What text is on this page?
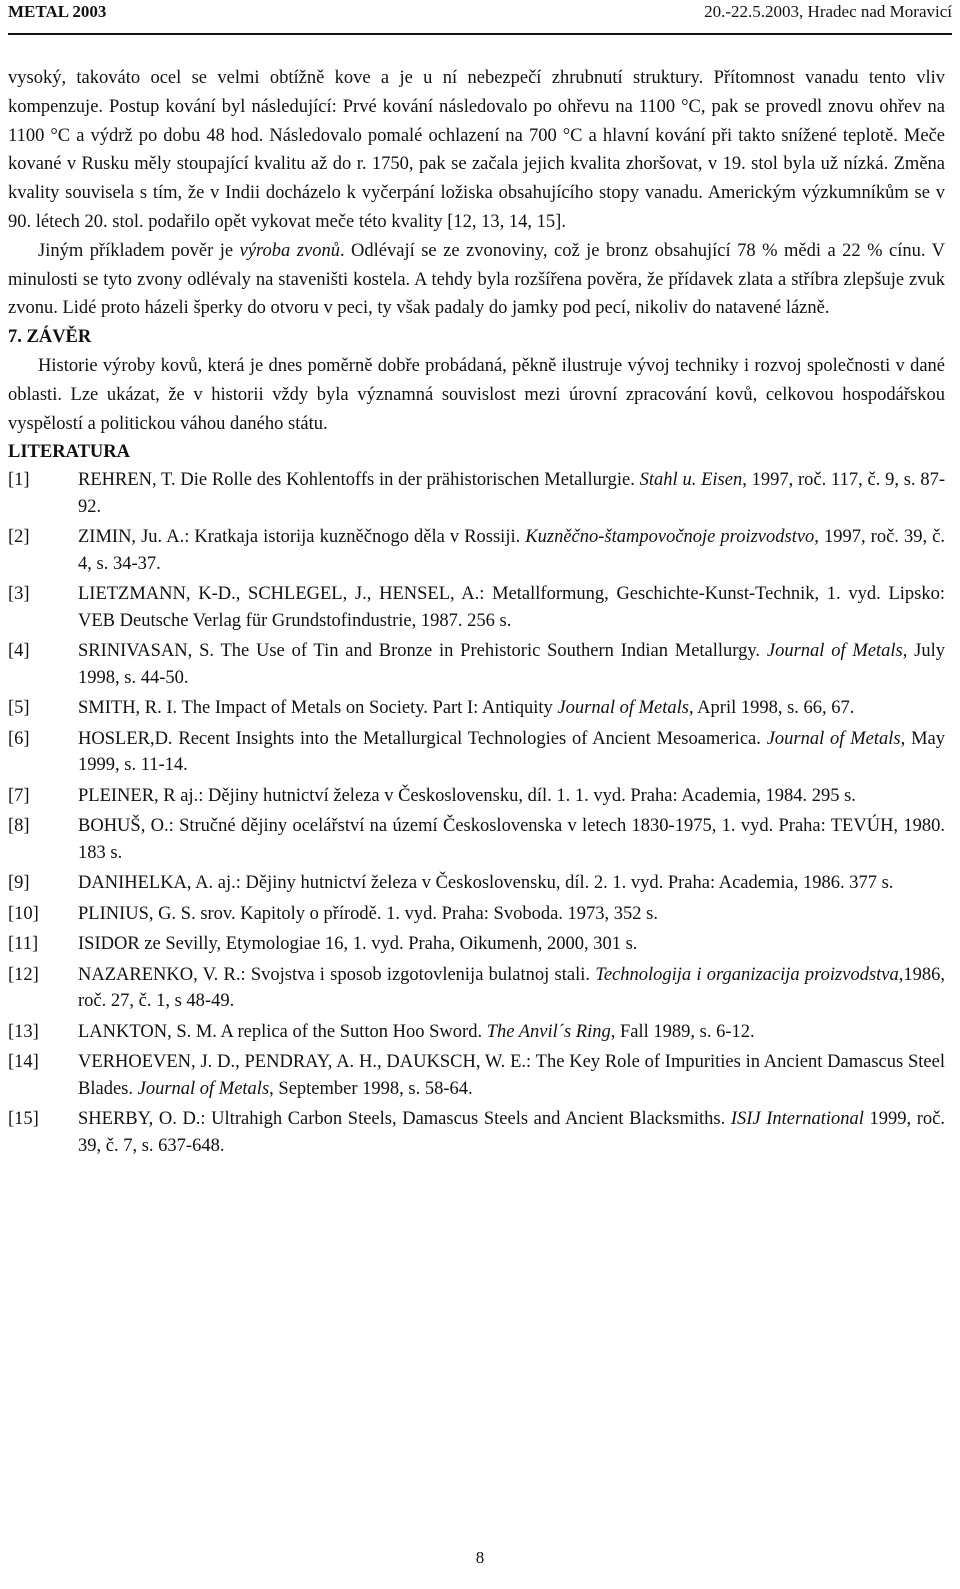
METAL 2003	20.-22.5.2003, Hradec nad Moravicí

vysoký, takováto ocel se velmi obtížně kove a je u ní nebezpečí zhrubnutí struktury. Přítomnost vanadu tento vliv kompenzuje. Postup kování byl následující: Prvé kování následovalo po ohřevu na 1100 °C, pak se provedl znovu ohřev na 1100 °C a výdrž po dobu 48 hod. Následovalo pomalé ochlazení na 700 °C a hlavní kování při takto snížené teplotě. Meče kované v Rusku měly stoupající kvalitu až do r. 1750, pak se začala jejich kvalita zhoršovat, v 19. stol byla už nízká. Změna kvality souvisela s tím, že v Indii docházelo k vyčerpání ložiska obsahujícího stopy vanadu. Americkým výzkumníkům se v 90. létech 20. stol. podařilo opět vykovat meče této kvality [12, 13, 14, 15].

Jiným příkladem pověr je výroba zvonů. Odlévají se ze zvonoviny, což je bronz obsahující 78 % mědi a 22 % cínu. V minulosti se tyto zvony odlévaly na staveništi kostela. A tehdy byla rozšířena pověra, že přídavek zlata a stříbra zlepšuje zvuk zvonu. Lidé proto házeli šperky do otvoru v peci, ty však padaly do jamky pod pecí, nikoliv do natavené lázně.

7. ZÁVĚR

Historie výroby kovů, která je dnes poměrně dobře probádaná, pěkně ilustruje vývoj techniky i rozvoj společnosti v dané oblasti. Lze ukázat, že v historii vždy byla významná souvislost mezi úrovní zpracování kovů, celkovou hospodářskou vyspělostí a politickou váhou daného státu.

LITERATURA

[1]	REHREN, T. Die Rolle des Kohlentoffs in der prähistorischen Metallurgie. Stahl u. Eisen, 1997, roč. 117, č. 9, s. 87-92.
[2]	ZIMIN, Ju. A.: Kratkaja istorija kuzněčnogo děla v Rossiji. Kuzněčno-štampovočnoje proizvodstvo, 1997, roč. 39, č. 4, s. 34-37.
[3]	LIETZMANN, K-D., SCHLEGEL, J., HENSEL, A.: Metallformung, Geschichte-Kunst-Technik, 1. vyd. Lipsko: VEB Deutsche Verlag für Grundstofindustrie, 1987. 256 s.
[4]	SRINIVASAN, S. The Use of Tin and Bronze in Prehistoric Southern Indian Metallurgy. Journal of Metals, July 1998, s. 44-50.
[5]	SMITH, R. I. The Impact of Metals on Society. Part I: Antiquity Journal of Metals, April 1998, s. 66, 67.
[6]	HOSLER,D. Recent Insights into the Metallurgical Technologies of Ancient Mesoamerica. Journal of Metals, May 1999, s. 11-14.
[7]	PLEINER, R aj.: Dějiny hutnictví železa v Československu, díl. 1. 1. vyd. Praha: Academia, 1984. 295 s.
[8]	BOHUŠ, O.: Stručné dějiny ocelářství na území Československa v letech 1830-1975, 1. vyd. Praha: TEVÚH, 1980. 183 s.
[9]	DANIHELKA, A. aj.: Dějiny hutnictví železa v Československu, díl. 2. 1. vyd. Praha: Academia, 1986. 377 s.
[10]	PLINIUS, G. S. srov. Kapitoly o přírodě. 1. vyd. Praha: Svoboda. 1973, 352 s.
[11]	ISIDOR ze Sevilly, Etymologiae 16, 1. vyd. Praha, Oikumenh, 2000, 301 s.
[12]	NAZARENKO, V. R.: Svojstva i sposob izgotovlenija bulatnoj stali. Technologija i organizacija proizvodstva,1986, roč. 27, č. 1, s 48-49.
[13]	LANKTON, S. M. A replica of the Sutton Hoo Sword. The Anvil´s Ring, Fall 1989, s. 6-12.
[14]	VERHOEVEN, J. D., PENDRAY, A. H., DAUKSCH, W. E.: The Key Role of Impurities in Ancient Damascus Steel Blades. Journal of Metals, September 1998, s. 58-64.
[15]	SHERBY, O. D.: Ultrahigh Carbon Steels, Damascus Steels and Ancient Blacksmiths. ISIJ International 1999, roč. 39, č. 7, s. 637-648.
8
